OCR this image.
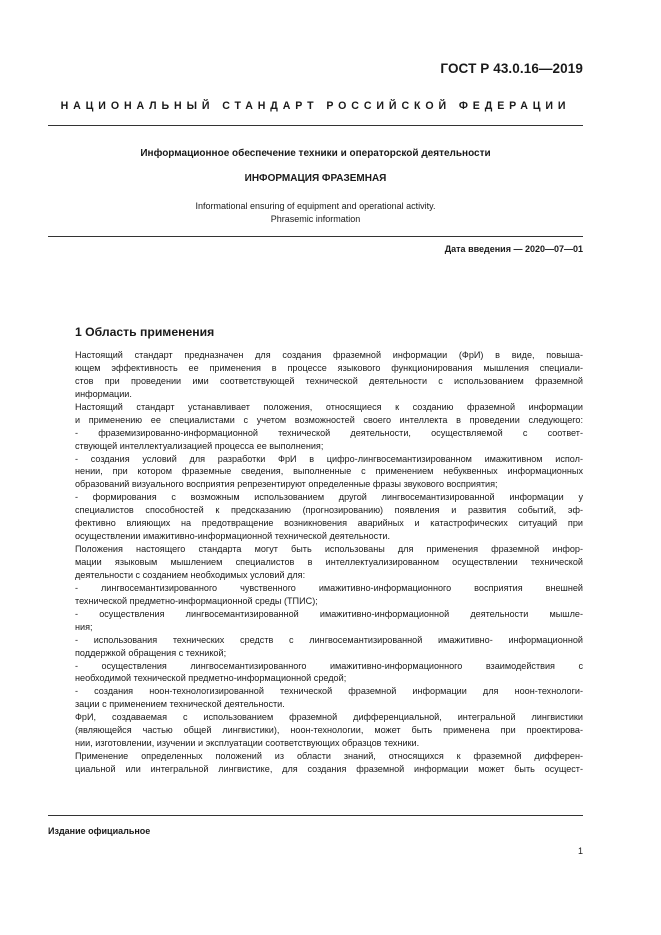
ГОСТ Р 43.0.16—2019
НАЦИОНАЛЬНЫЙ СТАНДАРТ РОССИЙСКОЙ ФЕДЕРАЦИИ
Информационное обеспечение техники и операторской деятельности
ИНФОРМАЦИЯ ФРАЗЕМНАЯ
Informational ensuring of equipment and operational activity.
Phrasemic information
Дата введения — 2020—07—01
1 Область применения
Настоящий стандарт предназначен для создания фраземной информации (ФрИ) в виде, повыша-
ющем эффективность ее применения в процессе языкового функционирования мышления специали-
стов при проведении ими соответствующей технической деятельности с использованием фраземной
информации.
Настоящий стандарт устанавливает положения, относящиеся к созданию фраземной информации
и применению ее специалистами с учетом возможностей своего интеллекта в проведении следующего:
- фраземизированно-информационной технической деятельности, осуществляемой с соответ-
ствующей интеллектуализацией процесса ее выполнения;
- создания условий для разработки ФрИ в цифро-лингвосемантизированном имажитивном испол-
нении, при котором фраземные сведения, выполненные с применением небуквенных информационных
образований визуального восприятия репрезентируют определенные фразы звукового восприятия;
- формирования с возможным использованием другой лингвосемантизированной информации у
специалистов способностей к предсказанию (прогнозированию) появления и развития событий, эф-
фективно влияющих на предотвращение возникновения аварийных и катастрофических ситуаций при
осуществлении имажитивно-информационной технической деятельности.
Положения настоящего стандарта могут быть использованы для применения фраземной инфор-
мации языковым мышлением специалистов в интеллектуализированном осуществлении технической
деятельности с созданием необходимых условий для:
- лингвосемантизированного чувственного имажитивно-информационного восприятия внешней
технической предметно-информационной среды (ТПИС);
- осуществления лингвосемантизированной имажитивно-информационной деятельности мышле-
ния;
- использования технических средств с лингвосемантизированной имажитивно- информационной
поддержкой обращения с техникой;
- осуществления лингвосемантизированного имажитивно-информационного взаимодействия с
необходимой технической предметно-информационной средой;
- создания ноон-технологизированной технической фраземной информации для ноон-технологи-
зации с применением технической деятельности.
ФрИ, создаваемая с использованием фраземной дифференциальной, интегральной лингвистики
(являющейся частью общей лингвистики), ноон-технологии, может быть применена при проектирова-
нии, изготовлении, изучении и эксплуатации соответствующих образцов техники.
Применение определенных положений из области знаний, относящихся к фраземной дифферен-
циальной или интегральной лингвистике, для создания фраземной информации может быть осущест-
Издание официальное
1
